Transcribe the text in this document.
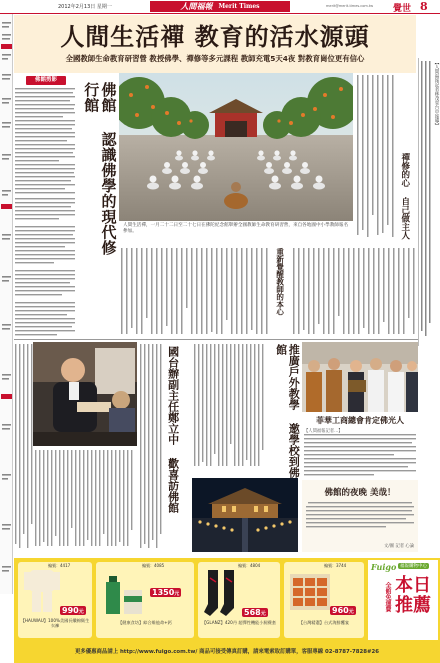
2012年2月13日 星期一	人間福報 Merit Times	merit@merit-times.com.tw 覺世 8
人間生活禪 教育的活水源頭
全國教師生命教育研習營 教授佛學、禪修等多元課程 教師充電5天4夜 對教育崗位更有信心
【人間福報記者林茂堂台中報導】
佛館剪影
佛館 認識佛學的現代修行館
人間生活禪，一月二十二日至二十七日在佛陀紀念館舉辦全國教師生命教育研習營，來自各地國中小學教師報名參加。	禪修的心 自己做主人
重新覺醒教師的本心
國台辦副主任鄭立中 歡喜訪佛館	推廣戶外教學 邀學校到佛館
菲華工商總會肯定佛光人
【人間福報記者…】
佛館的夜晚 美哉！
文/圖 記者 心論
編號：4417
990元
【HAUWAU】100%美國長纖棉衛生衣褲
編號：4085
1350元
【健康食坊】綜合維他命+鈣
編號：4804
568元
【GLANZ】420丹 超彈性機能小腿襪套
編號：3744
960元
【台灣精選】台式海鮮饗宴
Fuigo 福報購物中心
全館免運費 本日推薦
更多優惠商品請上 http://www.fuigo.com.tw/ 商品可接受傳真訂購，請來電索取訂購單，客服專線 02-8787-7828#26
